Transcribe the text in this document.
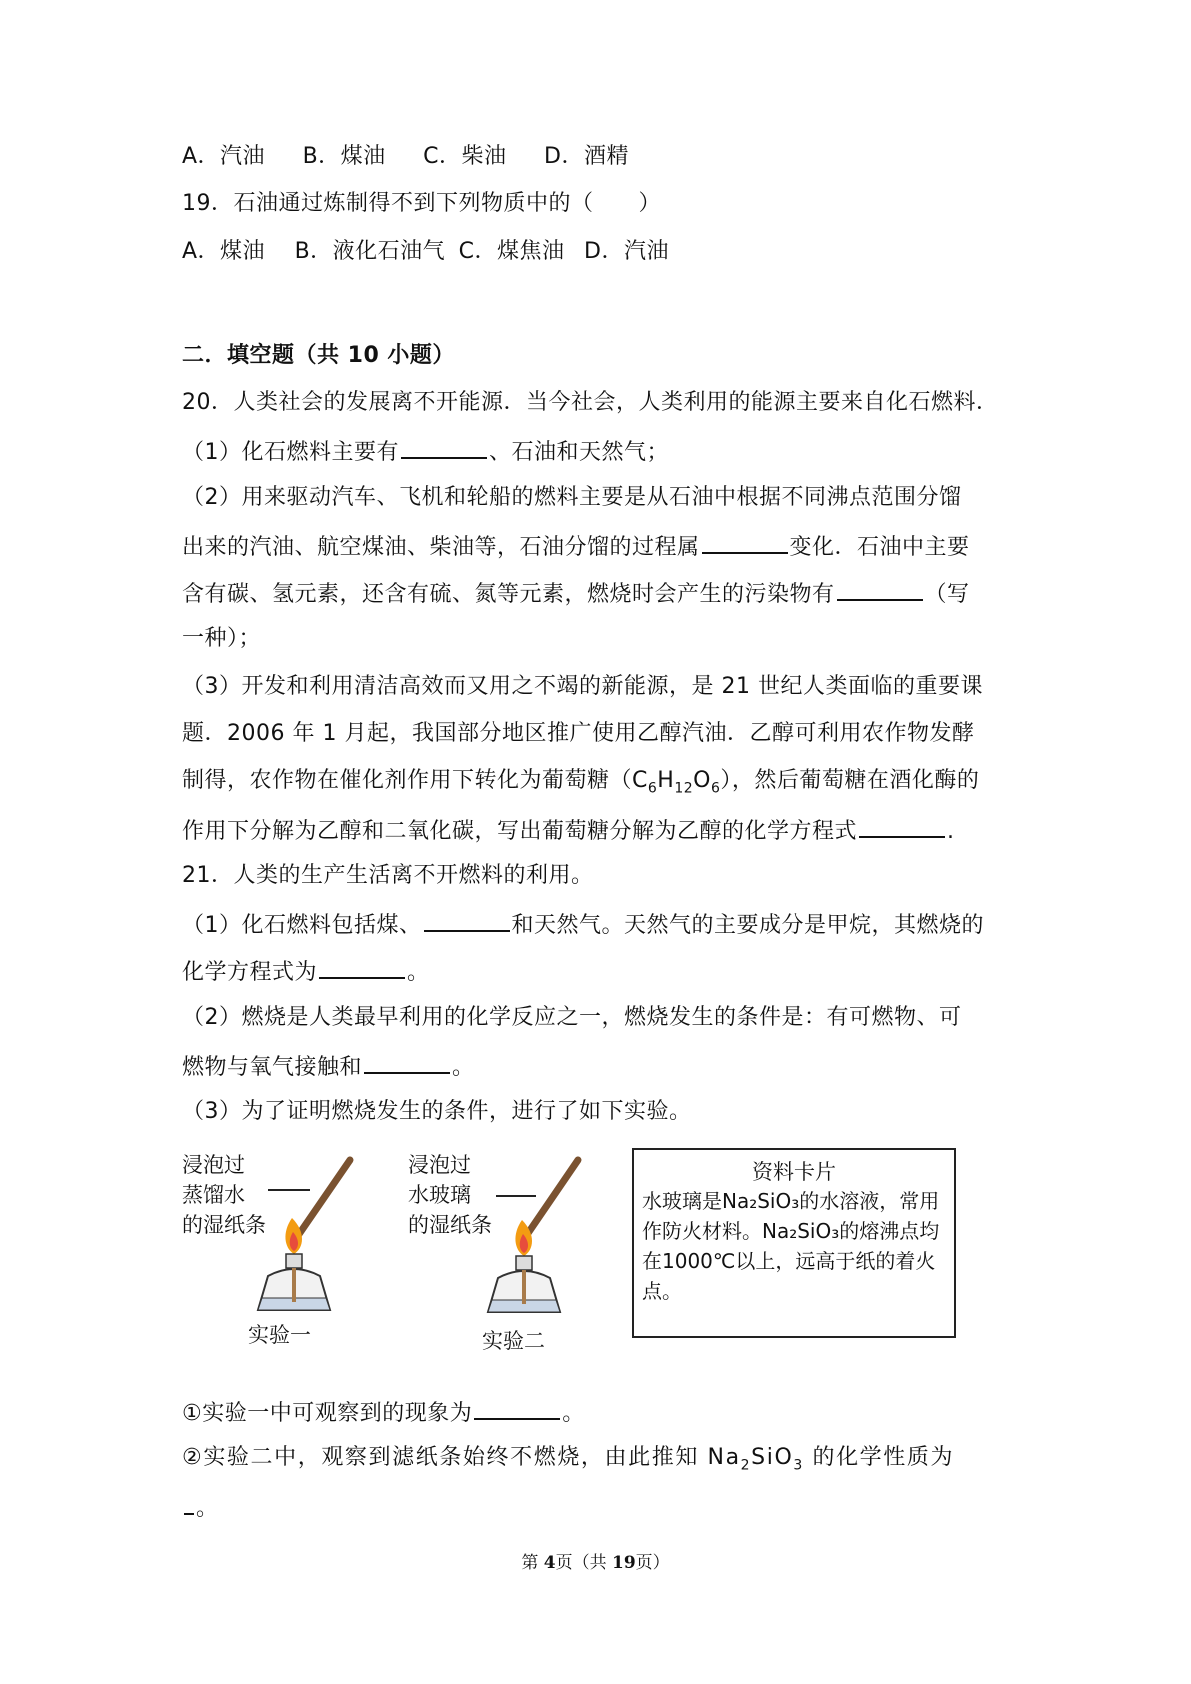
A．汽油 B．煤油 C．柴油 D．酒精
19．石油通过炼制得不到下列物质中的（　　）
A．煤油 B．液化石油气 C．煤焦油 D．汽油
二．填空题（共 10 小题）
20．人类社会的发展离不开能源．当今社会，人类利用的能源主要来自化石燃料．
（1）化石燃料主要有	、石油和天然气；
（2）用来驱动汽车、飞机和轮船的燃料主要是从石油中根据不同沸点范围分馏
出来的汽油、航空煤油、柴油等，石油分馏的过程属	变化．石油中主要
含有碳、氢元素，还含有硫、氮等元素，燃烧时会产生的污染物有	（写
一种）；
（3）开发和利用清洁高效而又用之不竭的新能源，是 21 世纪人类面临的重要课
题．2006 年 1 月起，我国部分地区推广使用乙醇汽油．乙醇可利用农作物发酵
制得，农作物在催化剂作用下转化为葡萄糖$(C_6H_{12}O_6)$，然后葡萄糖在酒化酶的
作用下分解为乙醇和二氧化碳，写出葡萄糖分解为乙醇的化学方程式	.
21．人类的生产生活离不开燃料的利用。
（1）化石燃料包括煤、	和天然气。天然气的主要成分是甲烷，其燃烧的
化学方程式为	。
（2）燃烧是人类最早利用的化学反应之一，燃烧发生的条件是：有可燃物、可
燃物与氧气接触和	。
（3）为了证明燃烧发生的条件，进行了如下实验。
浸泡过
蒸馏水
的湿纸条
实验一
浸泡过
水玻璃
的湿纸条
实验二
资料卡片
水玻璃是Na₂SiO₃的水溶液，常用作防火材料。Na₂SiO₃的熔沸点均在1000℃以上，远高于纸的着火点。
①实验一中可观察到的现象为	。
②实验二中，观察到滤纸条始终不燃烧，由此推知 $Na_2SiO_3$ 的化学性质为
。
第 4页（共 19页）
